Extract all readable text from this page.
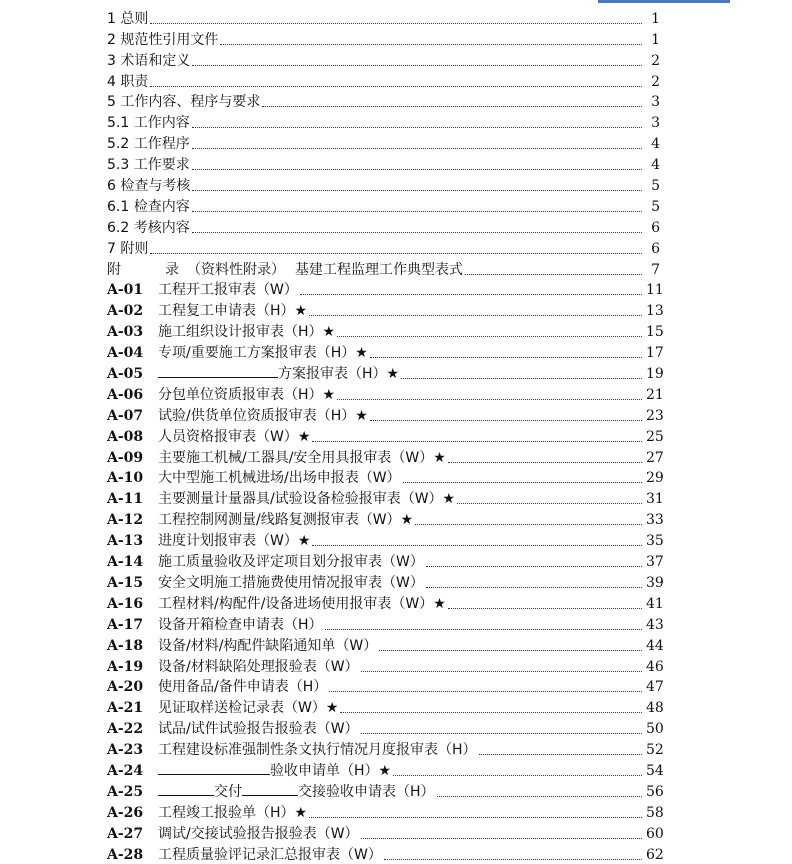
1 总则	1
2 规范性引用文件	1
3 术语和定义	2
4 职责	2
5 工作内容、程序与要求	3
5.1 工作内容	3
5.2 工作程序	4
5.3 工作要求	4
6 检查与考核	5
6.1 检查内容	5
6.2 考核内容	6
7 附则	6
附	录 （资料性附录） 基建工程监理工作典型表式	7
A-01	工程开工报审表（W）	11
A-02	工程复工申请表（H）★	13
A-03	施工组织设计报审表（H）★	15
A-04	专项/重要施工方案报审表（H）★	17
A-05	方案报审表（H）★	19
A-06	分包单位资质报审表（H）★	21
A-07	试验/供货单位资质报审表（H）★	23
A-08	人员资格报审表（W）★	25
A-09	主要施工机械/工器具/安全用具报审表（W）★	27
A-10	大中型施工机械进场/出场申报表（W）	29
A-11	主要测量计量器具/试验设备检验报审表（W）★	31
A-12	工程控制网测量/线路复测报审表（W）★	33
A-13	进度计划报审表（W）★	35
A-14	施工质量验收及评定项目划分报审表（W）	37
A-15	安全文明施工措施费使用情况报审表（W）	39
A-16	工程材料/构配件/设备进场使用报审表（W）★	41
A-17	设备开箱检查申请表（H）	43
A-18	设备/材料/构配件缺陷通知单（W）	44
A-19	设备/材料缺陷处理报验表（W）	46
A-20	使用备品/备件申请表（H）	47
A-21	见证取样送检记录表（W）★	48
A-22	试品/试件试验报告报验表（W）	50
A-23	工程建设标准强制性条文执行情况月度报审表（H）	52
A-24	验收申请单（H）★	54
A-25	交付	交接验收申请表（H）	56
A-26	工程竣工报验单（H）★	58
A-27	调试/交接试验报告报验表（W）	60
A-28	工程质量验评记录汇总报审表（W）	62
